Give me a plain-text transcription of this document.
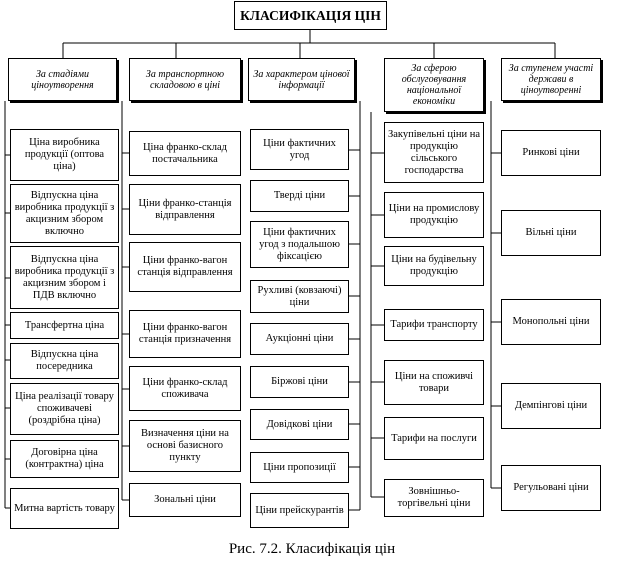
КЛАСИФІКАЦІЯ ЦІН
За стадіями ціноутворення
За транспортною складовою в ціні
За характером цінової інформації
За сферою обслуговування національної економіки
За ступенем участі держави в ціноутворенні
Ціна виробника продукції (оптова ціна)
Відпускна ціна виробника продукції з акцизним збором включно
Відпускна ціна виробника продукції з акцизним збором і ПДВ включно
Трансфертна ціна
Відпускна ціна посередника
Ціна реалізації товару споживачеві (роздрібна ціна)
Договірна ціна (контрактна) ціна
Митна вартість товару
Ціна франко-склад постачальника
Ціни франко-станція відправлення
Ціни франко-вагон станція відправлення
Ціни франко-вагон станція призначення
Ціни франко-склад споживача
Визначення ціни на основі базисного пункту
Зональні ціни
Ціни фактичних угод
Тверді ціни
Ціни фактичних угод з подальшою фіксацією
Рухливі (ковзаючі) ціни
Аукціонні ціни
Біржові ціни
Довідкові ціни
Ціни пропозиції
Ціни прейскурантів
Закупівельні ціни на продукцію сільського господарства
Ціни на промислову продукцію
Ціни на будівельну продукцію
Тарифи транспорту
Ціни на споживчі товари
Тарифи на послуги
Зовнішньо-торгівельні ціни
Ринкові ціни
Вільні ціни
Монопольні ціни
Демпінгові ціни
Регульовані ціни
Рис. 7.2. Класифікація цін
